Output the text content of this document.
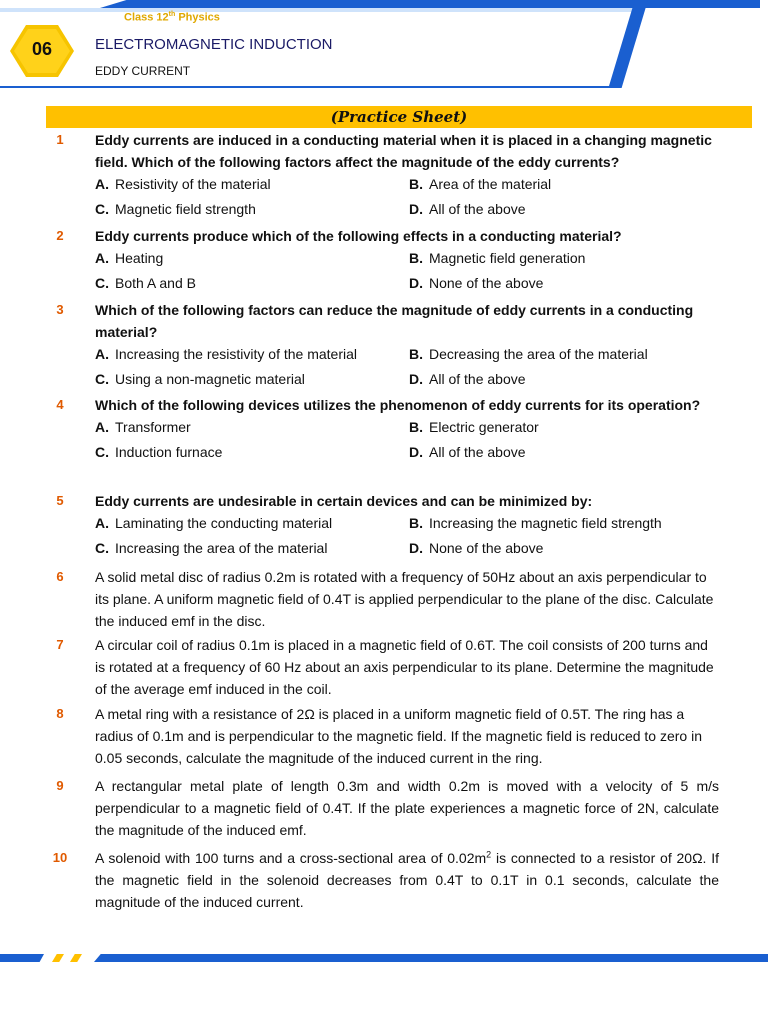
Class 12th Physics
06	ELECTROMAGNETIC INDUCTION
EDDY CURRENT
(Practice Sheet)
1	Eddy currents are induced in a conducting material when it is placed in a changing magnetic field. Which of the following factors affect the magnitude of the eddy currents?
A. Resistivity of the material	B. Area of the material
C. Magnetic field strength	D. All of the above
2	Eddy currents produce which of the following effects in a conducting material?
A. Heating	B. Magnetic field generation
C. Both A and B	D. None of the above
3	Which of the following factors can reduce the magnitude of eddy currents in a conducting material?
A. Increasing the resistivity of the material	B. Decreasing the area of the material
C. Using a non-magnetic material	D. All of the above
4	Which of the following devices utilizes the phenomenon of eddy currents for its operation?
A. Transformer	B. Electric generator
C. Induction furnace	D. All of the above
5	Eddy currents are undesirable in certain devices and can be minimized by:
A. Laminating the conducting material	B. Increasing the magnetic field strength
C. Increasing the area of the material	D. None of the above
6	A solid metal disc of radius 0.2m is rotated with a frequency of 50Hz about an axis perpendicular to its plane. A uniform magnetic field of 0.4T is applied perpendicular to the plane of the disc. Calculate the induced emf in the disc.
7	A circular coil of radius 0.1m is placed in a magnetic field of 0.6T. The coil consists of 200 turns and is rotated at a frequency of 60 Hz about an axis perpendicular to its plane. Determine the magnitude of the average emf induced in the coil.
8	A metal ring with a resistance of 2Ω is placed in a uniform magnetic field of 0.5T. The ring has a radius of 0.1m and is perpendicular to the magnetic field. If the magnetic field is reduced to zero in 0.05 seconds, calculate the magnitude of the induced current in the ring.
9	A rectangular metal plate of length 0.3m and width 0.2m is moved with a velocity of 5 m/s perpendicular to a magnetic field of 0.4T. If the plate experiences a magnetic force of 2N, calculate the magnitude of the induced emf.
10	A solenoid with 100 turns and a cross-sectional area of $0.02m^2$ is connected to a resistor of 20Ω. If the magnetic field in the solenoid decreases from 0.4T to 0.1T in 0.1 seconds, calculate the magnitude of the induced current.
